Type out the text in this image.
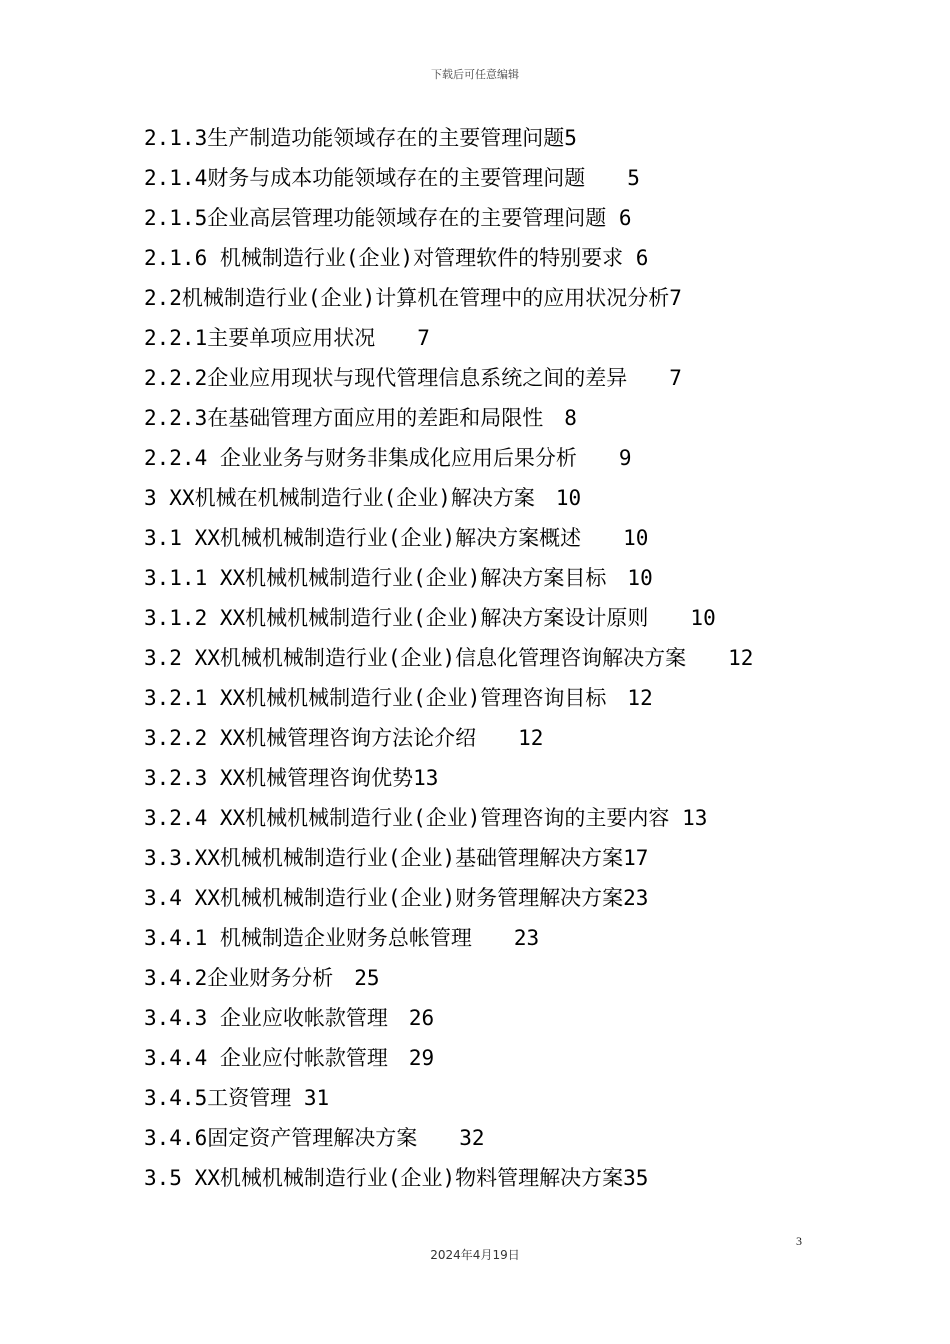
下载后可任意编辑
2.1.3生产制造功能领域存在的主要管理问题5
2.1.4财务与成本功能领域存在的主要管理问题　　5
2.1.5企业高层管理功能领域存在的主要管理问题 6
2.1.6 机械制造行业(企业)对管理软件的特别要求 6
2.2机械制造行业(企业)计算机在管理中的应用状况分析7
2.2.1主要单项应用状况　　7
2.2.2企业应用现状与现代管理信息系统之间的差异　　7
2.2.3在基础管理方面应用的差距和局限性　8
2.2.4 企业业务与财务非集成化应用后果分析　　9
3 XX机械在机械制造行业(企业)解决方案　10
3.1 XX机械机械制造行业(企业)解决方案概述　　10
3.1.1 XX机械机械制造行业(企业)解决方案目标　10
3.1.2 XX机械机械制造行业(企业)解决方案设计原则　　10
3.2 XX机械机械制造行业(企业)信息化管理咨询解决方案　　12
3.2.1 XX机械机械制造行业(企业)管理咨询目标　12
3.2.2 XX机械管理咨询方法论介绍　　12
3.2.3 XX机械管理咨询优势13
3.2.4 XX机械机械制造行业(企业)管理咨询的主要内容 13
3.3.XX机械机械制造行业(企业)基础管理解决方案17
3.4 XX机械机械制造行业(企业)财务管理解决方案23
3.4.1 机械制造企业财务总帐管理　　23
3.4.2企业财务分析　25
3.4.3 企业应收帐款管理　26
3.4.4 企业应付帐款管理　29
3.4.5工资管理 31
3.4.6固定资产管理解决方案　　32
3.5 XX机械机械制造行业(企业)物料管理解决方案35
3
2024年4月19日
